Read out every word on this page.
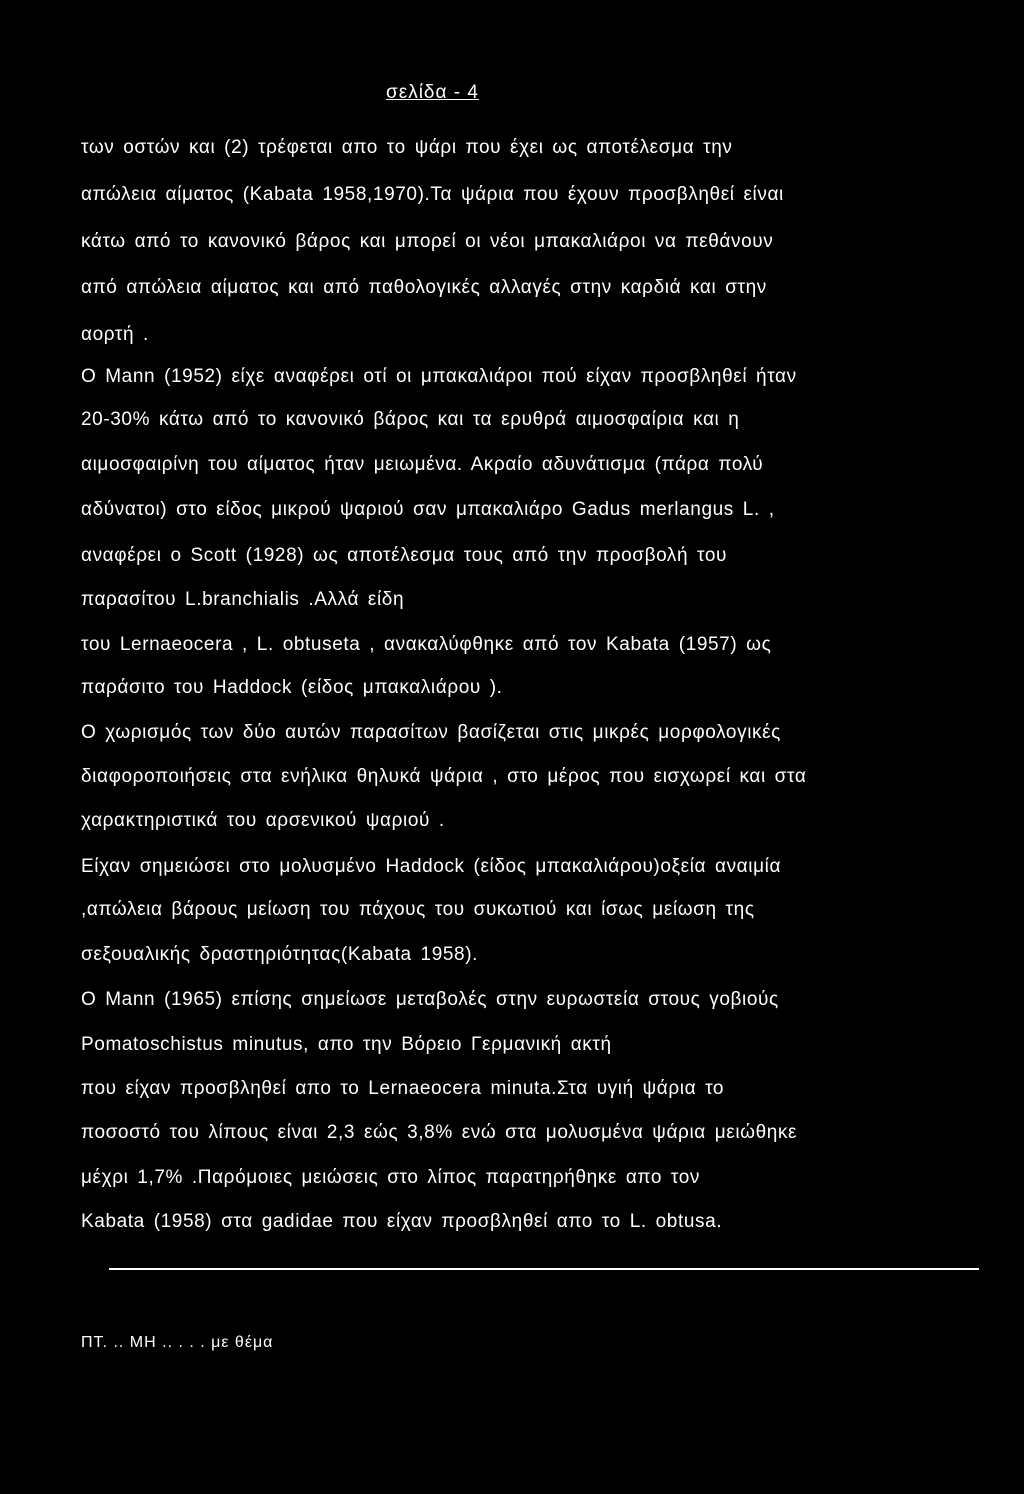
σελίδα - 4
των οστών και (2) τρέφεται απο το ψάρι που έχει ως αποτέλεσμα την
απώλεια αίματος (Kabata 1958,1970).Τα ψάρια που έχουν προσβληθεί είναι
κάτω από το κανονικό βάρος και μπορεί οι νέοι μπακαλιάροι να πεθάνουν
από απώλεια αίματος και από παθολογικές αλλαγές στην καρδιά και στην
αορτή .
Ο Mann (1952) είχε αναφέρει οτί οι μπακαλιάροι πού είχαν προσβληθεί ήταν
20-30% κάτω από το κανονικό βάρος και τα ερυθρά αιμοσφαίρια και η
αιμοσφαιρίνη του αίματος ήταν μειωμένα. Ακραίο αδυνάτισμα (πάρα πολύ
αδύνατοι) στο είδος μικρού ψαριού σαν μπακαλιάρο Gadus merlangus L. ,
αναφέρει ο Scott (1928) ως αποτέλεσμα τους από την προσβολή του
παρασίτου L.branchialis .Αλλά είδη
του Lernaeocera , L. obtuseta , ανακαλύφθηκε από τον Kabata (1957) ως
παράσιτο του Haddock (είδος μπακαλιάρου ).
Ο χωρισμός των δύο αυτών παρασίτων βασίζεται στις μικρές μορφολογικές
διαφοροποιήσεις στα ενήλικα θηλυκά ψάρια , στο μέρος που εισχωρεί και στα
χαρακτηριστικά του αρσενικού ψαριού .
Είχαν σημειώσει στο μολυσμένο Haddock (είδος μπακαλιάρου)οξεία αναιμία
,απώλεια βάρους μείωση του πάχους του συκωτιού και ίσως μείωση της
σεξουαλικής δραστηριότητας(Kabata 1958).
Ο Mann (1965) επίσης σημείωσε μεταβολές στην ευρωστεία στους γοβιούς
Pomatoschistus minutus, απο την Βόρειο Γερμανική ακτή
που είχαν προσβληθεί απο το Lernaeocera minuta.Στα υγιή ψάρια το
ποσοστό του λίπους είναι 2,3 εώς 3,8% ενώ στα μολυσμένα ψάρια μειώθηκε
μέχρι 1,7% .Παρόμοιες μειώσεις στο λίπος παρατηρήθηκε απο τον
Kabata (1958) στα gadidae που είχαν προσβληθεί απο το L. obtusa.
ΠΤ. .. ΜΗ .. . . . με θέμα
